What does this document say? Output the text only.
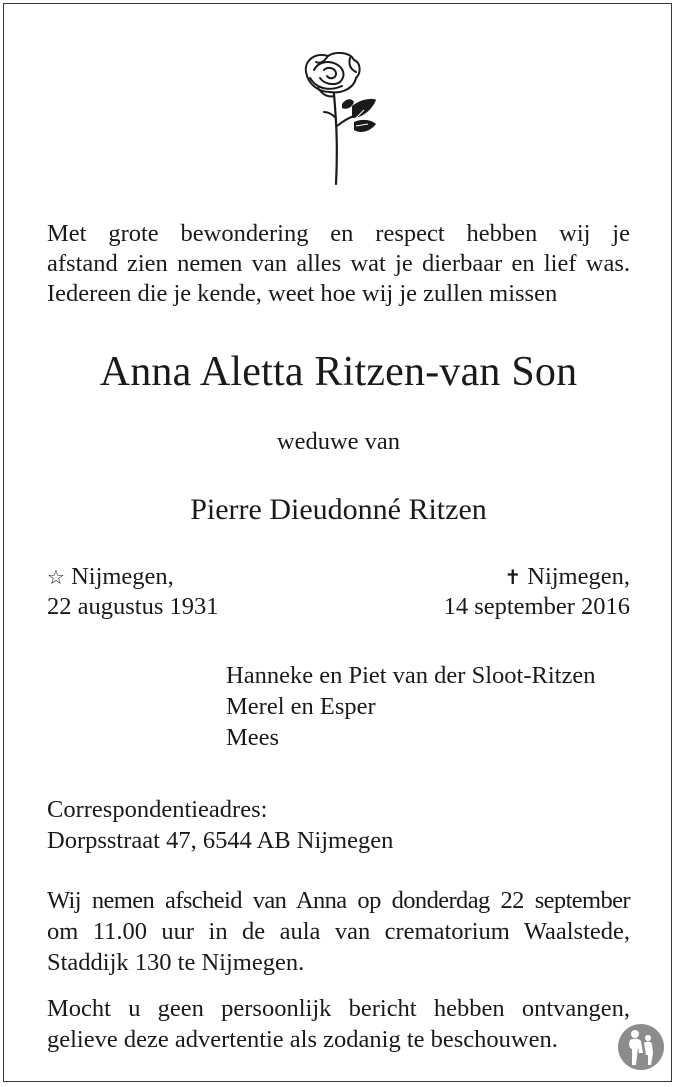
Met grote bewondering en respect hebben wij je
afstand zien nemen van alles wat je dierbaar en lief was.
Iedereen die je kende, weet hoe wij je zullen missen
Anna Aletta Ritzen-van Son
weduwe van
Pierre Dieudonné Ritzen
☆ Nijmegen,
22 augustus 1931
✝ Nijmegen,
14 september 2016
Hanneke en Piet van der Sloot-Ritzen
Merel en Esper
Mees
Correspondentieadres:
Dorpsstraat 47, 6544 AB Nijmegen
Wij nemen afscheid van Anna op donderdag 22 september
om 11.00 uur in de aula van crematorium Waalstede,
Staddijk 130 te Nijmegen.
Mocht u geen persoonlijk bericht hebben ontvangen,
gelieve deze advertentie als zodanig te beschouwen.
